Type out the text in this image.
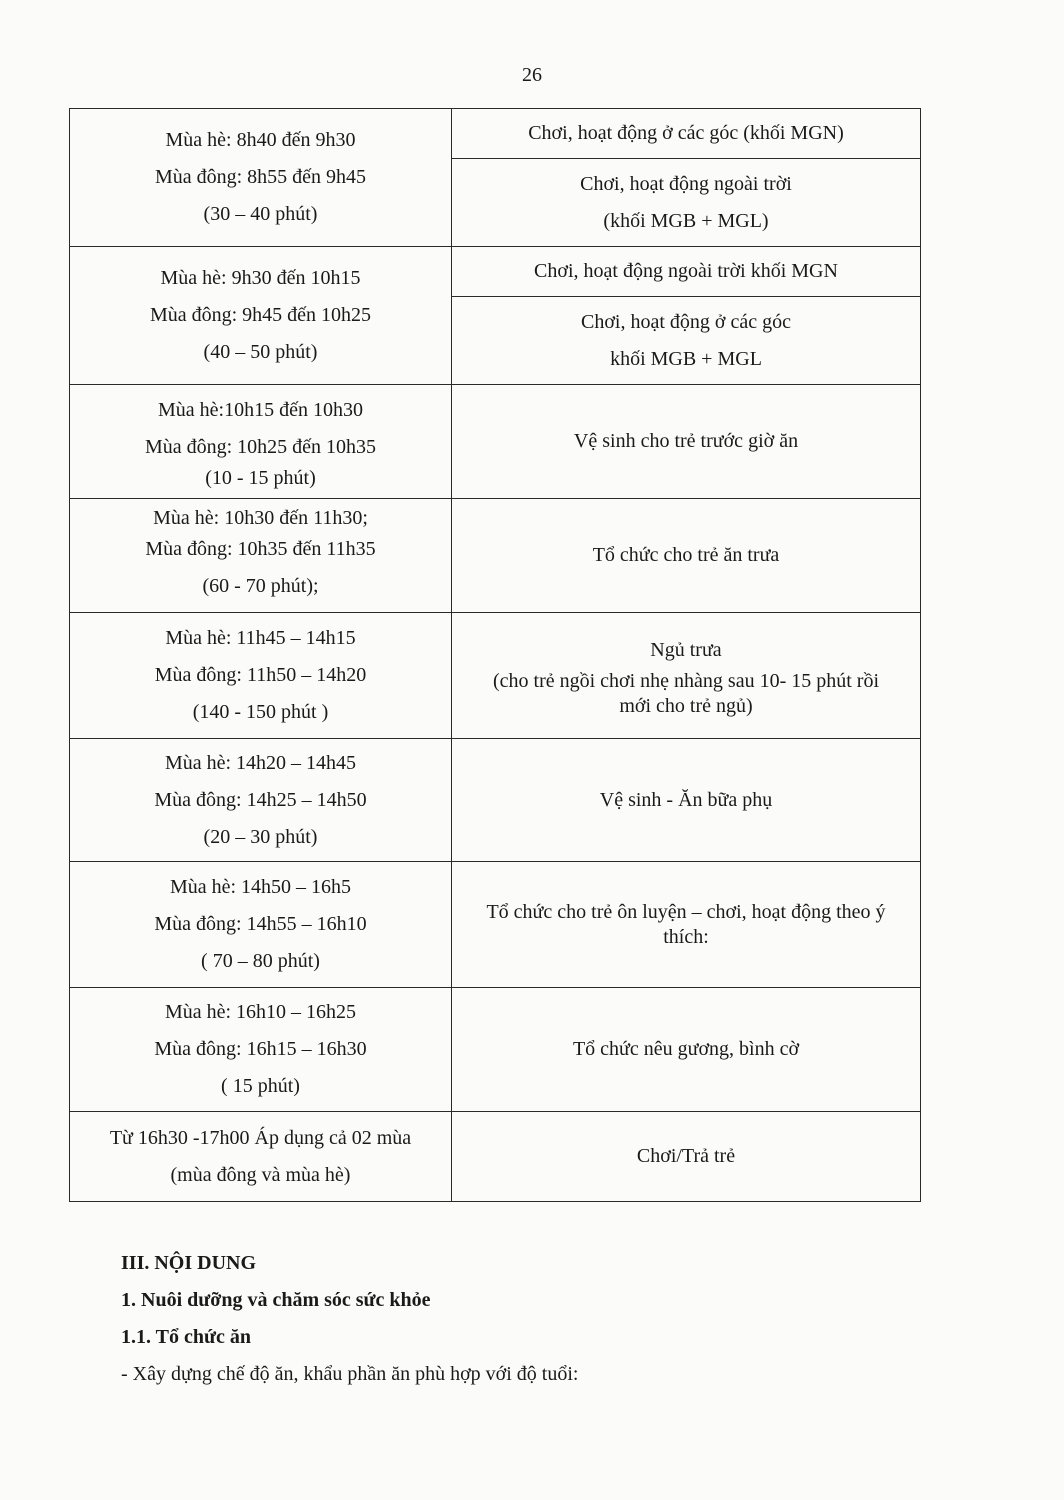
26
Mùa hè: 8h40 đến 9h30
Mùa đông: 8h55 đến 9h45
(30 – 40 phút)	Chơi, hoạt động ở các góc (khối MGN)

	Chơi, hoạt động ngoài trời
(khối MGB + MGL)

Mùa hè: 9h30 đến 10h15
Mùa đông: 9h45 đến 10h25
(40 – 50 phút)	Chơi, hoạt động ngoài trời khối MGN

	Chơi, hoạt động ở các góc
khối MGB + MGL

Mùa hè:10h15 đến 10h30
Mùa đông: 10h25 đến 10h35
(10 - 15 phút)	Vệ sinh cho trẻ trước giờ ăn

Mùa hè: 10h30 đến 11h30;
Mùa đông: 10h35 đến 11h35
(60 - 70 phút);	Tổ chức cho trẻ ăn trưa

Mùa hè: 11h45 – 14h15
Mùa đông: 11h50 – 14h20
(140 - 150 phút )	Ngủ trưa
(cho trẻ ngồi chơi nhẹ nhàng sau 10- 15 phút rồi
mới cho trẻ ngủ)

Mùa hè: 14h20 – 14h45
Mùa đông: 14h25 – 14h50
(20 – 30 phút)	Vệ sinh - Ăn bữa phụ

Mùa hè: 14h50 – 16h5
Mùa đông: 14h55 – 16h10
( 70 – 80 phút)	Tổ chức cho trẻ ôn luyện – chơi, hoạt động theo ý
thích:

Mùa hè: 16h10 – 16h25
Mùa đông: 16h15 – 16h30
( 15 phút)	Tổ chức nêu gương, bình cờ

Từ 16h30 -17h00 Áp dụng cả 02 mùa
(mùa đông và mùa hè)	Chơi/Trả trẻ
III. NỘI DUNG
1. Nuôi dưỡng và chăm sóc sức khỏe
1.1. Tổ chức ăn
- Xây dựng chế độ ăn, khẩu phần ăn phù hợp với độ tuổi:
